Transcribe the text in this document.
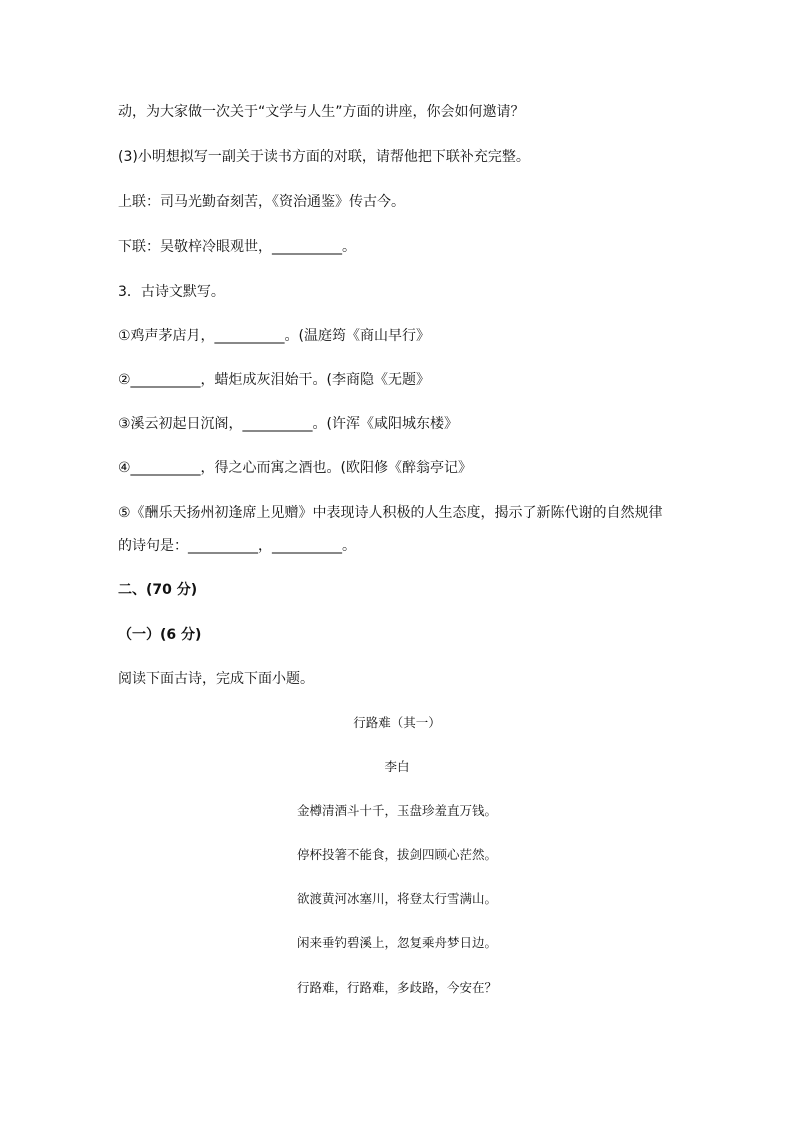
动，为大家做一次关于“文学与人生”方面的讲座，你会如何邀请？
(3)小明想拟写一副关于读书方面的对联，请帮他把下联补充完整。
上联：司马光勤奋刻苦，《资治通鉴》传古今。
下联：吴敬梓冷眼观世，__________。
3．古诗文默写。
①鸡声茅店月，__________。(温庭筠《商山早行》
②__________，蜡炬成灰泪始干。(李商隐《无题》
③溪云初起日沉阁，__________。(许浑《咸阳城东楼》
④__________，得之心而寓之酒也。(欧阳修《醉翁亭记》
⑤《酬乐天扬州初逢席上见赠》中表现诗人积极的人生态度，揭示了新陈代谢的自然规律
的诗句是：__________，__________。
二、(70 分)
（一）(6 分)
阅读下面古诗，完成下面小题。
行路难（其一）
李白
金樽清酒斗十千，玉盘珍羞直万钱。
停杯投箸不能食，拔剑四顾心茫然。
欲渡黄河冰塞川，将登太行雪满山。
闲来垂钓碧溪上，忽复乘舟梦日边。
行路难，行路难，多歧路，今安在？
